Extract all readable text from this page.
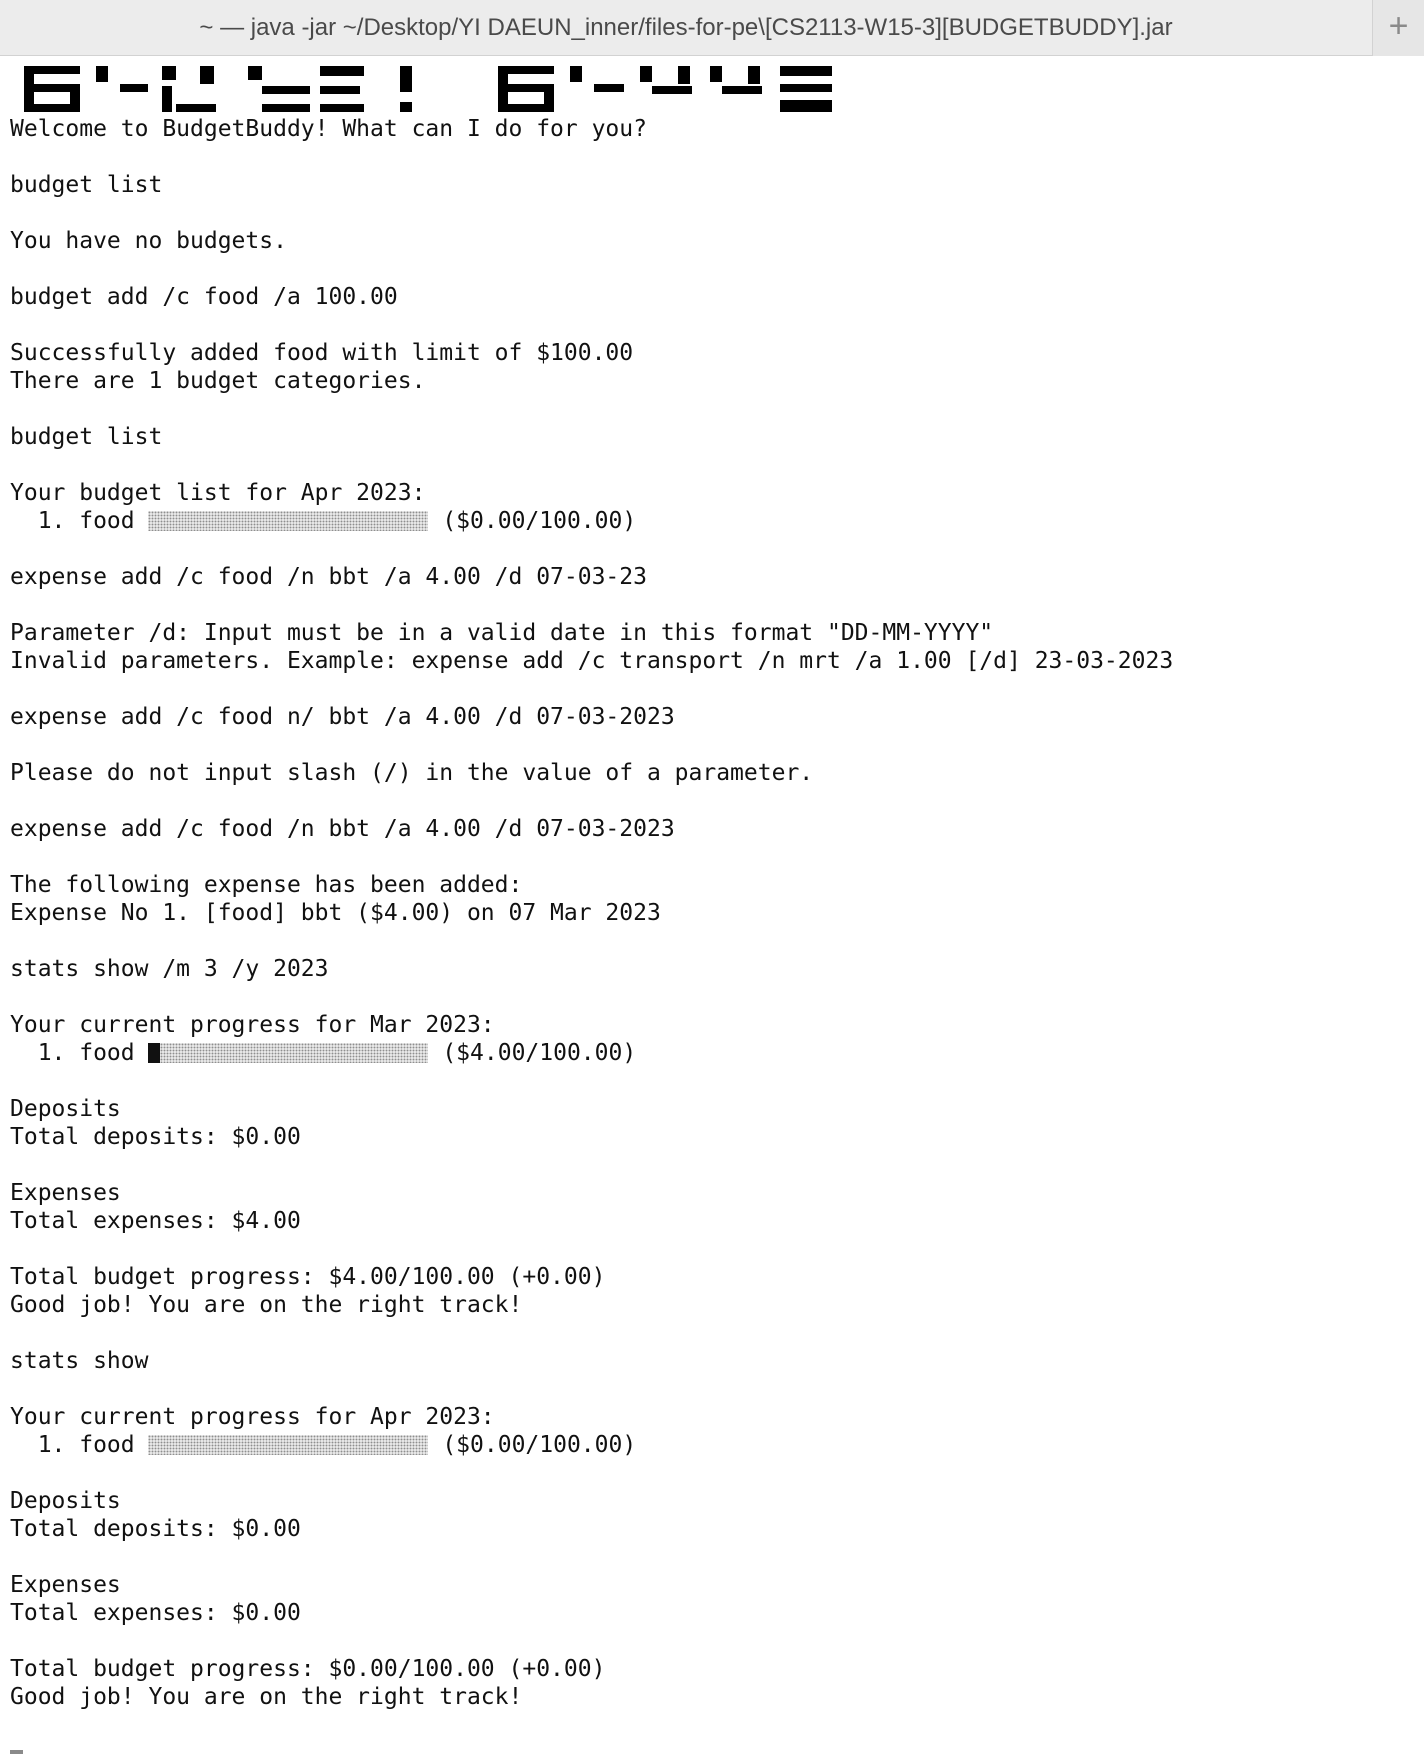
~ — java -jar ~/Desktop/YI DAEUN_inner/files-for-pe\[CS2113-W15-3][BUDGETBUDDY].jar	+
Welcome to BudgetBuddy! What can I do for you?
budget list
You have no budgets.
budget add /c food /a 100.00
Successfully added food with limit of $100.00
There are 1 budget categories.
budget list
Your budget list for Apr 2023:
1. food	($0.00/100.00)
expense add /c food /n bbt /a 4.00 /d 07-03-23
Parameter /d: Input must be in a valid date in this format "DD-MM-YYYY"
Invalid parameters. Example: expense add /c transport /n mrt /a 1.00 [/d] 23-03-2023
expense add /c food n/ bbt /a 4.00 /d 07-03-2023
Please do not input slash (/) in the value of a parameter.
expense add /c food /n bbt /a 4.00 /d 07-03-2023
The following expense has been added:
Expense No 1. [food] bbt ($4.00) on 07 Mar 2023
stats show /m 3 /y 2023
Your current progress for Mar 2023:
1. food	($4.00/100.00)
Deposits
Total deposits: $0.00
Expenses
Total expenses: $4.00
Total budget progress: $4.00/100.00 (+0.00)
Good job! You are on the right track!
stats show
Your current progress for Apr 2023:
1. food	($0.00/100.00)
Deposits
Total deposits: $0.00
Expenses
Total expenses: $0.00
Total budget progress: $0.00/100.00 (+0.00)
Good job! You are on the right track!
